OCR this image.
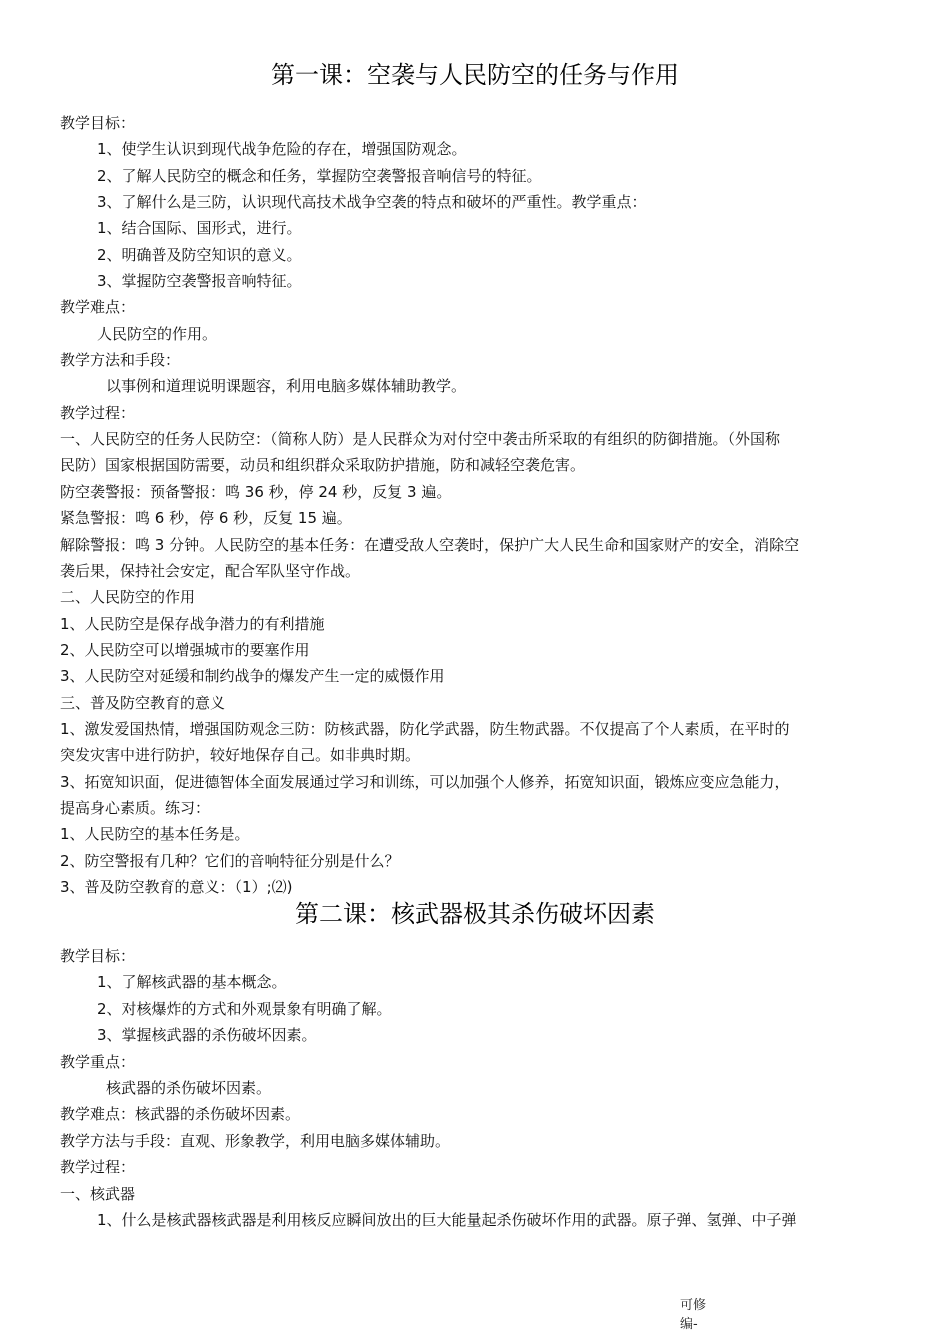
第一课：空袭与人民防空的任务与作用
教学目标：
1、使学生认识到现代战争危险的存在，增强国防观念。
2、了解人民防空的概念和任务，掌握防空袭警报音响信号的特征。
3、了解什么是三防，认识现代高技术战争空袭的特点和破坏的严重性。教学重点：
1、结合国际、国形式，进行。
2、明确普及防空知识的意义。
3、掌握防空袭警报音响特征。
教学难点：
人民防空的作用。
教学方法和手段：
以事例和道理说明课题容，利用电脑多媒体辅助教学。
教学过程：
一、人民防空的任务人民防空：（简称人防）是人民群众为对付空中袭击所采取的有组织的防御措施。（外国称
民防）国家根据国防需要，动员和组织群众采取防护措施，防和减轻空袭危害。
防空袭警报：预备警报：鸣 36 秒，停 24 秒，反复 3 遍。
紧急警报：鸣 6 秒，停 6 秒，反复 15 遍。
解除警报：鸣 3 分钟。人民防空的基本任务：在遭受敌人空袭时，保护广大人民生命和国家财产的安全，消除空
袭后果，保持社会安定，配合军队坚守作战。
二、人民防空的作用
1、人民防空是保存战争潜力的有利措施
2、人民防空可以增强城市的要塞作用
3、人民防空对延缓和制约战争的爆发产生一定的威慑作用
三、普及防空教育的意义
1、激发爱国热情，增强国防观念三防：防核武器，防化学武器，防生物武器。不仅提高了个人素质，在平时的
突发灾害中进行防护，较好地保存自己。如非典时期。
3、拓宽知识面，促进德智体全面发展通过学习和训练，可以加强个人修养，拓宽知识面，锻炼应变应急能力，
提高身心素质。练习：
1、人民防空的基本任务是。
2、防空警报有几种？它们的音响特征分别是什么？
3、普及防空教育的意义：（1）;⑵)
第二课：核武器极其杀伤破坏因素
教学目标：
1、了解核武器的基本概念。
2、对核爆炸的方式和外观景象有明确了解。
3、掌握核武器的杀伤破坏因素。
教学重点：
核武器的杀伤破坏因素。
教学难点：核武器的杀伤破坏因素。
教学方法与手段：直观、形象教学，利用电脑多媒体辅助。
教学过程：
一、核武器
1、什么是核武器核武器是利用核反应瞬间放出的巨大能量起杀伤破坏作用的武器。原子弹、氢弹、中子弹
可修
编-
